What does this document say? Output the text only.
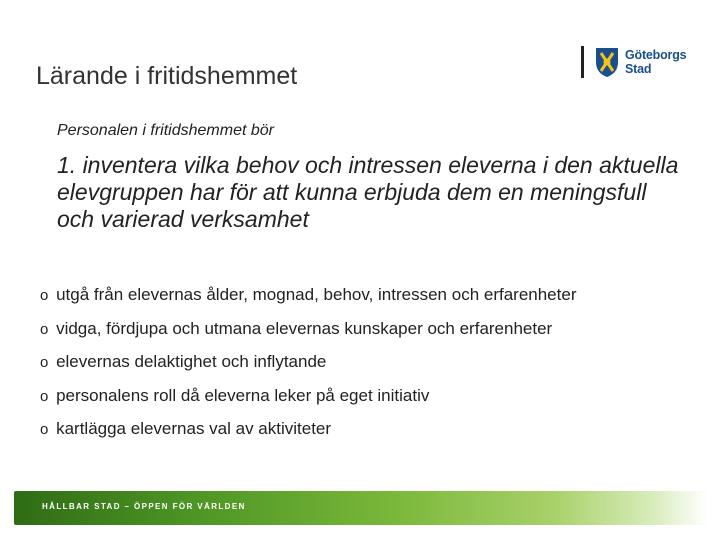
Lärande i fritidshemmet
Göteborgs
Stad
Personalen i fritidshemmet bör
1. inventera vilka behov och intressen eleverna i den aktuella elevgruppen har för att kunna erbjuda dem en meningsfull och varierad verksamhet
o utgå från elevernas ålder, mognad, behov, intressen och erfarenheter
o vidga, fördjupa och utmana elevernas kunskaper och erfarenheter
o elevernas delaktighet och inflytande
o personalens roll då eleverna leker på eget initiativ
o kartlägga elevernas val av aktiviteter
HÅLLBAR STAD – ÖPPEN FÖR VÄRLDEN
